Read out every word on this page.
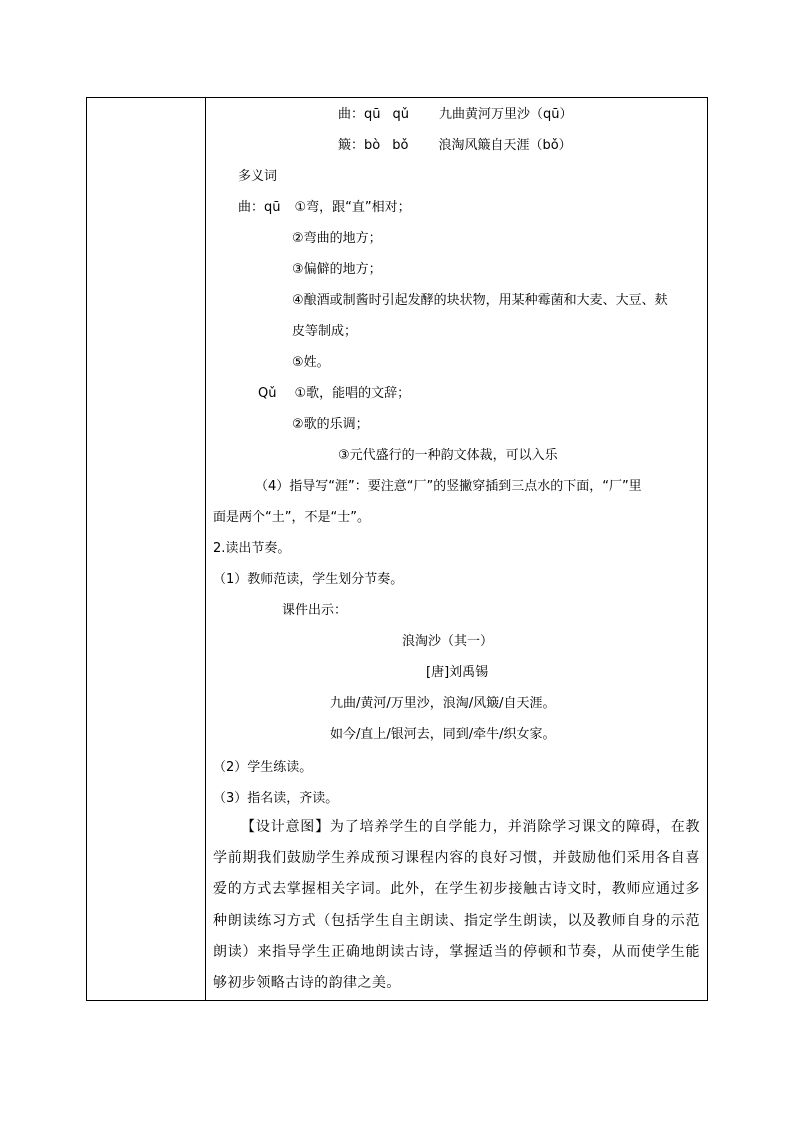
曲：qū qǔ 九曲黄河万里沙（qū）
簸：bò bǒ 浪淘风簸自天涯（bǒ）
多义词
曲：qū ①弯，跟“直”相对；
②弯曲的地方；
③偏僻的地方；
④酿酒或制酱时引起发酵的块状物，用某种霉菌和大麦、大豆、麸
皮等制成；
⑤姓。
Qǔ ①歌，能唱的文辞；
②歌的乐调；
③元代盛行的一种韵文体裁，可以入乐
（4）指导写“涯”：要注意“厂”的竖撇穿插到三点水的下面，“厂”里
面是两个“土”，不是“士”。
2.读出节奏。
（1）教师范读，学生划分节奏。
课件出示：
浪淘沙（其一）
[唐]刘禹锡
九曲/黄河/万里沙，浪淘/风簸/自天涯。
如今/直上/银河去，同到/牵牛/织女家。
（2）学生练读。
（3）指名读，齐读。
【设计意图】为了培养学生的自学能力，并消除学习课文的障碍，在教学前期我们鼓励学生养成预习课程内容的良好习惯，并鼓励他们采用各自喜爱的方式去掌握相关字词。此外，在学生初步接触古诗文时，教师应通过多种朗读练习方式（包括学生自主朗读、指定学生朗读，以及教师自身的示范朗读）来指导学生正确地朗读古诗，掌握适当的停顿和节奏，从而使学生能够初步领略古诗的韵律之美。
